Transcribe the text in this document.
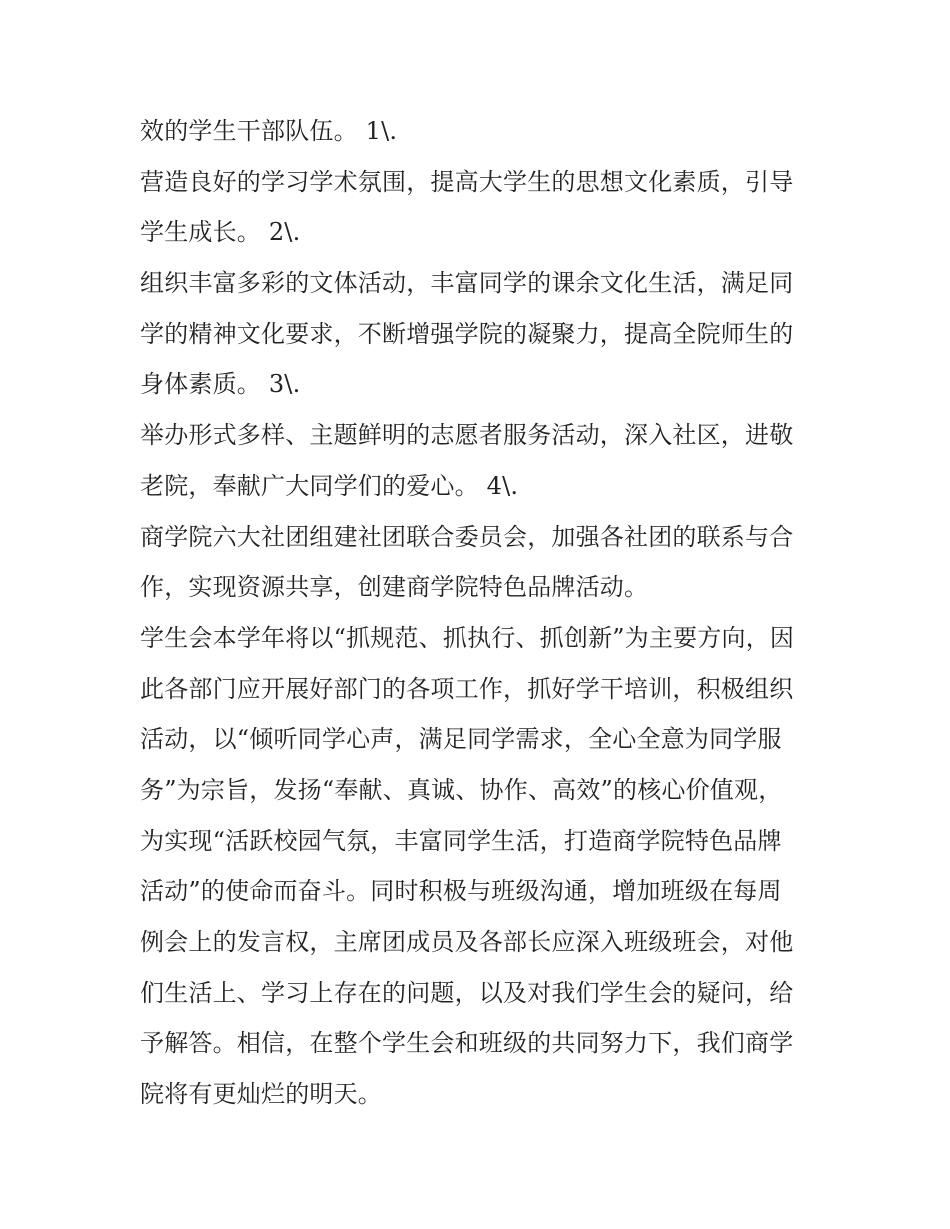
效的学生干部队伍。 1\.
营造良好的学习学术氛围，提高大学生的思想文化素质，引导
学生成长。 2\.
组织丰富多彩的文体活动，丰富同学的课余文化生活，满足同
学的精神文化要求，不断增强学院的凝聚力，提高全院师生的
身体素质。 3\.
举办形式多样、主题鲜明的志愿者服务活动，深入社区，进敬
老院，奉献广大同学们的爱心。 4\.
商学院六大社团组建社团联合委员会，加强各社团的联系与合
作，实现资源共享，创建商学院特色品牌活动。
学生会本学年将以“抓规范、抓执行、抓创新”为主要方向，因
此各部门应开展好部门的各项工作，抓好学干培训，积极组织
活动，以“倾听同学心声，满足同学需求，全心全意为同学服
务”为宗旨，发扬“奉献、真诚、协作、高效”的核心价值观，
为实现“活跃校园气氛，丰富同学生活，打造商学院特色品牌
活动”的使命而奋斗。同时积极与班级沟通，增加班级在每周
例会上的发言权，主席团成员及各部长应深入班级班会，对他
们生活上、学习上存在的问题，以及对我们学生会的疑问，给
予解答。相信，在整个学生会和班级的共同努力下，我们商学
院将有更灿烂的明天。
